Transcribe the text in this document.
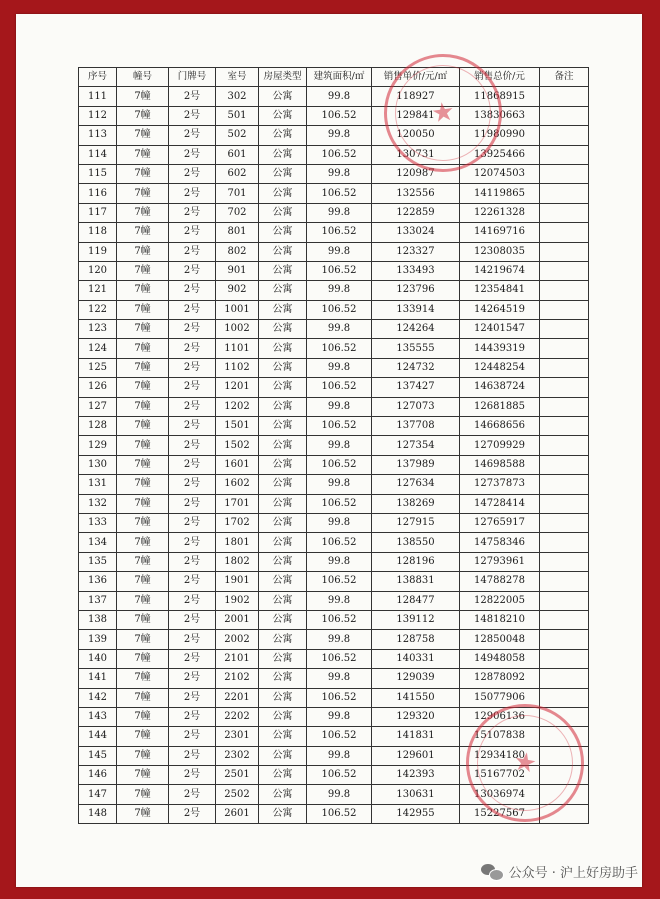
序号	幢号	门牌号	室号	房屋类型	建筑面积/㎡	销售单价/元/㎡	销售总价/元	备注
111	7幢	2号	302	公寓	99.8	118927	11868915	
112	7幢	2号	501	公寓	106.52	129841	13830663	
113	7幢	2号	502	公寓	99.8	120050	11980990	
114	7幢	2号	601	公寓	106.52	130731	13925466	
115	7幢	2号	602	公寓	99.8	120987	12074503	
116	7幢	2号	701	公寓	106.52	132556	14119865	
117	7幢	2号	702	公寓	99.8	122859	12261328	
118	7幢	2号	801	公寓	106.52	133024	14169716	
119	7幢	2号	802	公寓	99.8	123327	12308035	
120	7幢	2号	901	公寓	106.52	133493	14219674	
121	7幢	2号	902	公寓	99.8	123796	12354841	
122	7幢	2号	1001	公寓	106.52	133914	14264519	
123	7幢	2号	1002	公寓	99.8	124264	12401547	
124	7幢	2号	1101	公寓	106.52	135555	14439319	
125	7幢	2号	1102	公寓	99.8	124732	12448254	
126	7幢	2号	1201	公寓	106.52	137427	14638724	
127	7幢	2号	1202	公寓	99.8	127073	12681885	
128	7幢	2号	1501	公寓	106.52	137708	14668656	
129	7幢	2号	1502	公寓	99.8	127354	12709929	
130	7幢	2号	1601	公寓	106.52	137989	14698588	
131	7幢	2号	1602	公寓	99.8	127634	12737873	
132	7幢	2号	1701	公寓	106.52	138269	14728414	
133	7幢	2号	1702	公寓	99.8	127915	12765917	
134	7幢	2号	1801	公寓	106.52	138550	14758346	
135	7幢	2号	1802	公寓	99.8	128196	12793961	
136	7幢	2号	1901	公寓	106.52	138831	14788278	
137	7幢	2号	1902	公寓	99.8	128477	12822005	
138	7幢	2号	2001	公寓	106.52	139112	14818210	
139	7幢	2号	2002	公寓	99.8	128758	12850048	
140	7幢	2号	2101	公寓	106.52	140331	14948058	
141	7幢	2号	2102	公寓	99.8	129039	12878092	
142	7幢	2号	2201	公寓	106.52	141550	15077906	
143	7幢	2号	2202	公寓	99.8	129320	12906136	
144	7幢	2号	2301	公寓	106.52	141831	15107838	
145	7幢	2号	2302	公寓	99.8	129601	12934180	
146	7幢	2号	2501	公寓	106.52	142393	15167702	
147	7幢	2号	2502	公寓	99.8	130631	13036974	
148	7幢	2号	2601	公寓	106.52	142955	15227567	
★
★
公众号 · 沪上好房助手
